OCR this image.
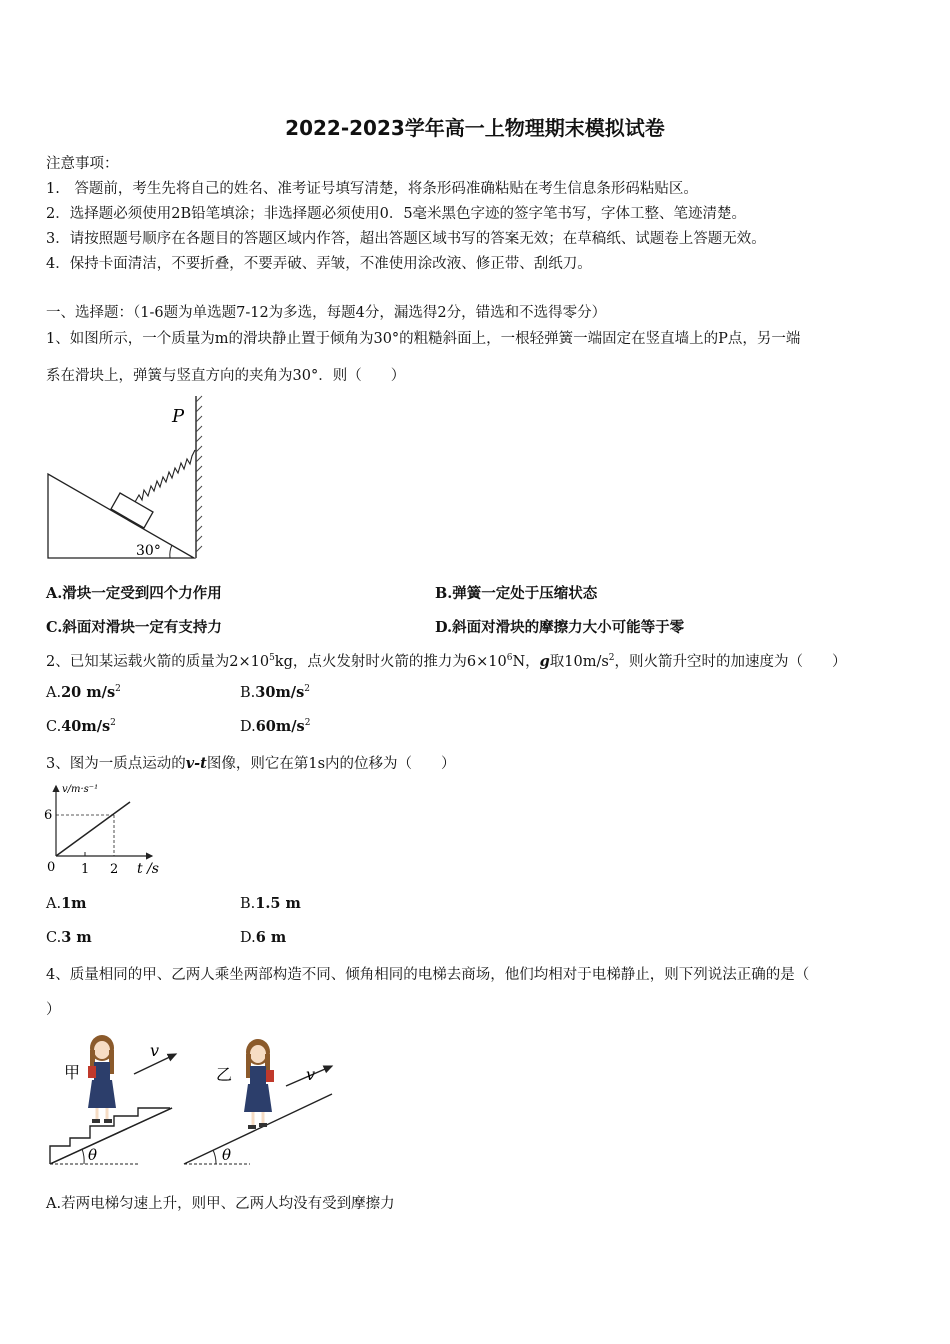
2022-2023学年高一上物理期末模拟试卷
注意事项：
1.　答题前，考生先将自己的姓名、准考证号填写清楚，将条形码准确粘贴在考生信息条形码粘贴区。
2．选择题必须使用2B铅笔填涂；非选择题必须使用0．5毫米黑色字迹的签字笔书写，字体工整、笔迹清楚。
3．请按照题号顺序在各题目的答题区域内作答，超出答题区域书写的答案无效；在草稿纸、试题卷上答题无效。
4．保持卡面清洁，不要折叠，不要弄破、弄皱，不准使用涂改液、修正带、刮纸刀。
一、选择题：（1-6题为单选题7-12为多选，每题4分，漏选得2分，错选和不选得零分）
1、如图所示，一个质量为m的滑块静止置于倾角为30°的粗糙斜面上，一根轻弹簧一端固定在竖直墙上的P点，另一端
系在滑块上，弹簧与竖直方向的夹角为30°．则（　　）
P
30°
A.滑块一定受到四个力作用	B.弹簧一定处于压缩状态
C.斜面对滑块一定有支持力	D.斜面对滑块的摩擦力大小可能等于零
2、已知某运载火箭的质量为$2\times 10^5kg$，点火发射时火箭的推力为$6\times 10^6N$，g取$10m/s^2$，则火箭升空时的加速度为（　　）
A.20 $m/s^2$	$B.30m/s^2$
$C.40m/s^2$	$D.60m/s^2$
3、图为一质点运动的v-t图像，则它在第1s内的位移为（　　）
v/m·s⁻¹
6
0 1 2 t /s
A.1m	B.1.5 m
C.3 m	D.6 m
4、质量相同的甲、乙两人乘坐两部构造不同、倾角相同的电梯去商场，他们均相对于电梯静止，则下列说法正确的是（
）
θ
甲
v
θ
乙	v
A.若两电梯匀速上升，则甲、乙两人均没有受到摩擦力
